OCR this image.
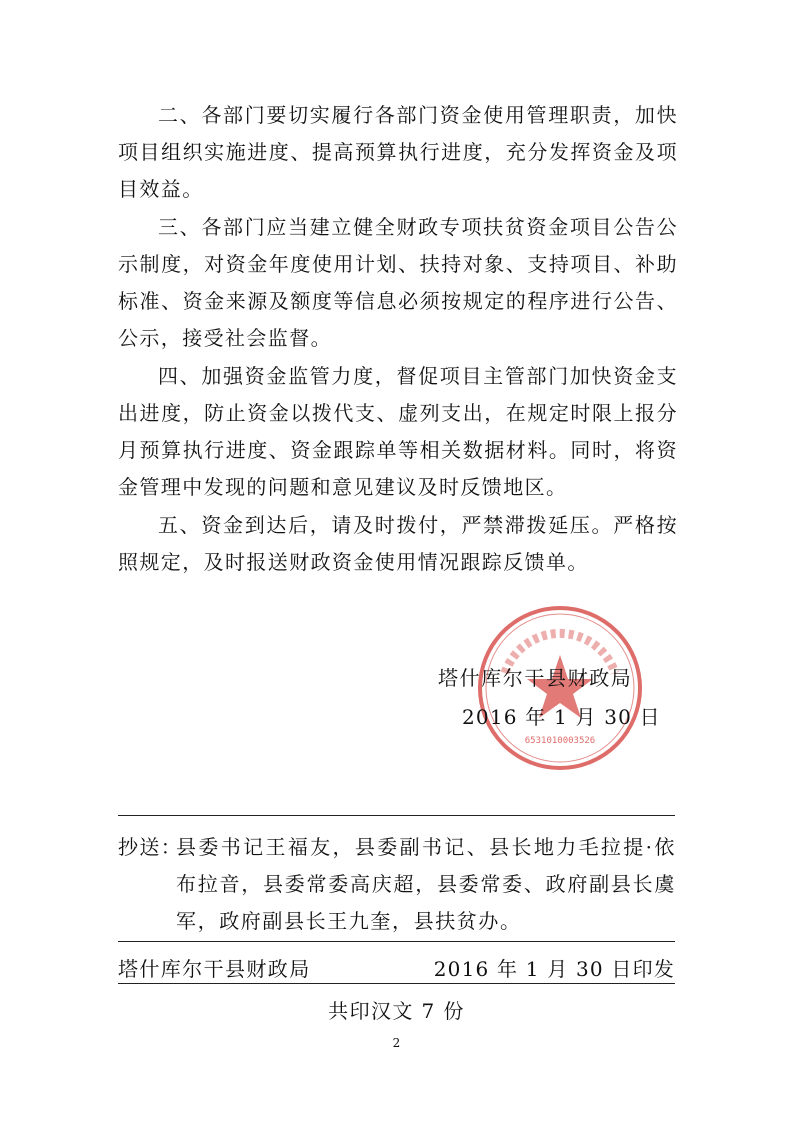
二、各部门要切实履行各部门资金使用管理职责，加快项目组织实施进度、提高预算执行进度，充分发挥资金及项目效益。

三、各部门应当建立健全财政专项扶贫资金项目公告公示制度，对资金年度使用计划、扶持对象、支持项目、补助标准、资金来源及额度等信息必须按规定的程序进行公告、公示，接受社会监督。

四、加强资金监管力度，督促项目主管部门加快资金支出进度，防止资金以拨代支、虚列支出，在规定时限上报分月预算执行进度、资金跟踪单等相关数据材料。同时，将资金管理中发现的问题和意见建议及时反馈地区。

五、资金到达后，请及时拨付，严禁滞拨延压。严格按照规定，及时报送财政资金使用情况跟踪反馈单。

6531010003526

塔什库尔干县财政局

2016 年 1 月 30 日

抄送：

县委书记王福友，县委副书记、县长地力毛拉提·依布拉音，县委常委高庆超，县委常委、政府副县长虞军，政府副县长王九奎，县扶贫办。

塔什库尔干县财政局	2016 年 1 月 30 日印发

共印汉文 7 份

2
